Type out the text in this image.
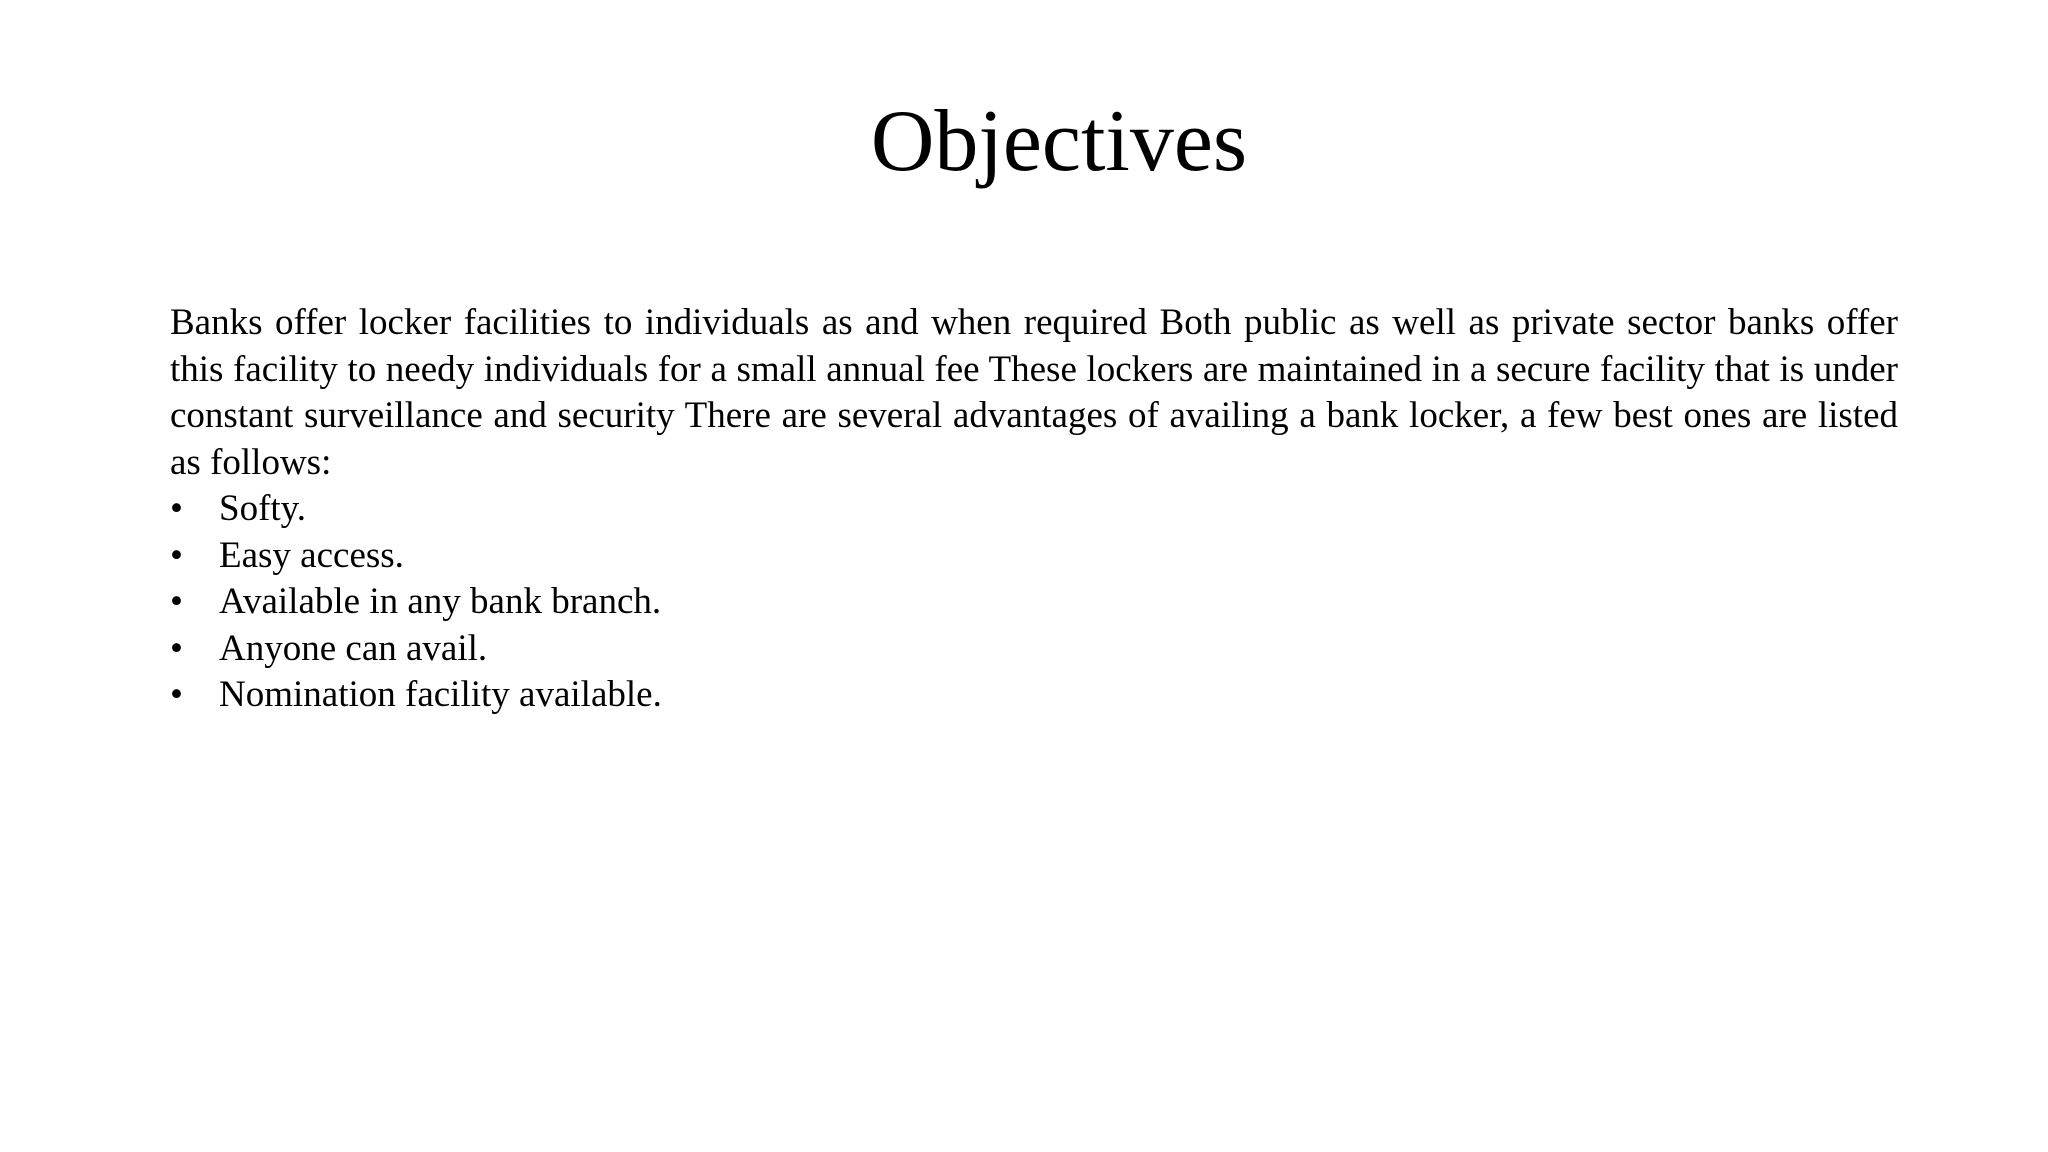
Objectives

Banks offer locker facilities to individuals as and when required Both public as well as private sector banks offer this facility to needy individuals for a small annual fee These lockers are maintained in a secure facility that is under constant surveillance and security There are several advantages of availing a bank locker, a few best ones are listed as follows:

• Softy.
• Easy access.
• Available in any bank branch.
• Anyone can avail.
• Nomination facility available.
